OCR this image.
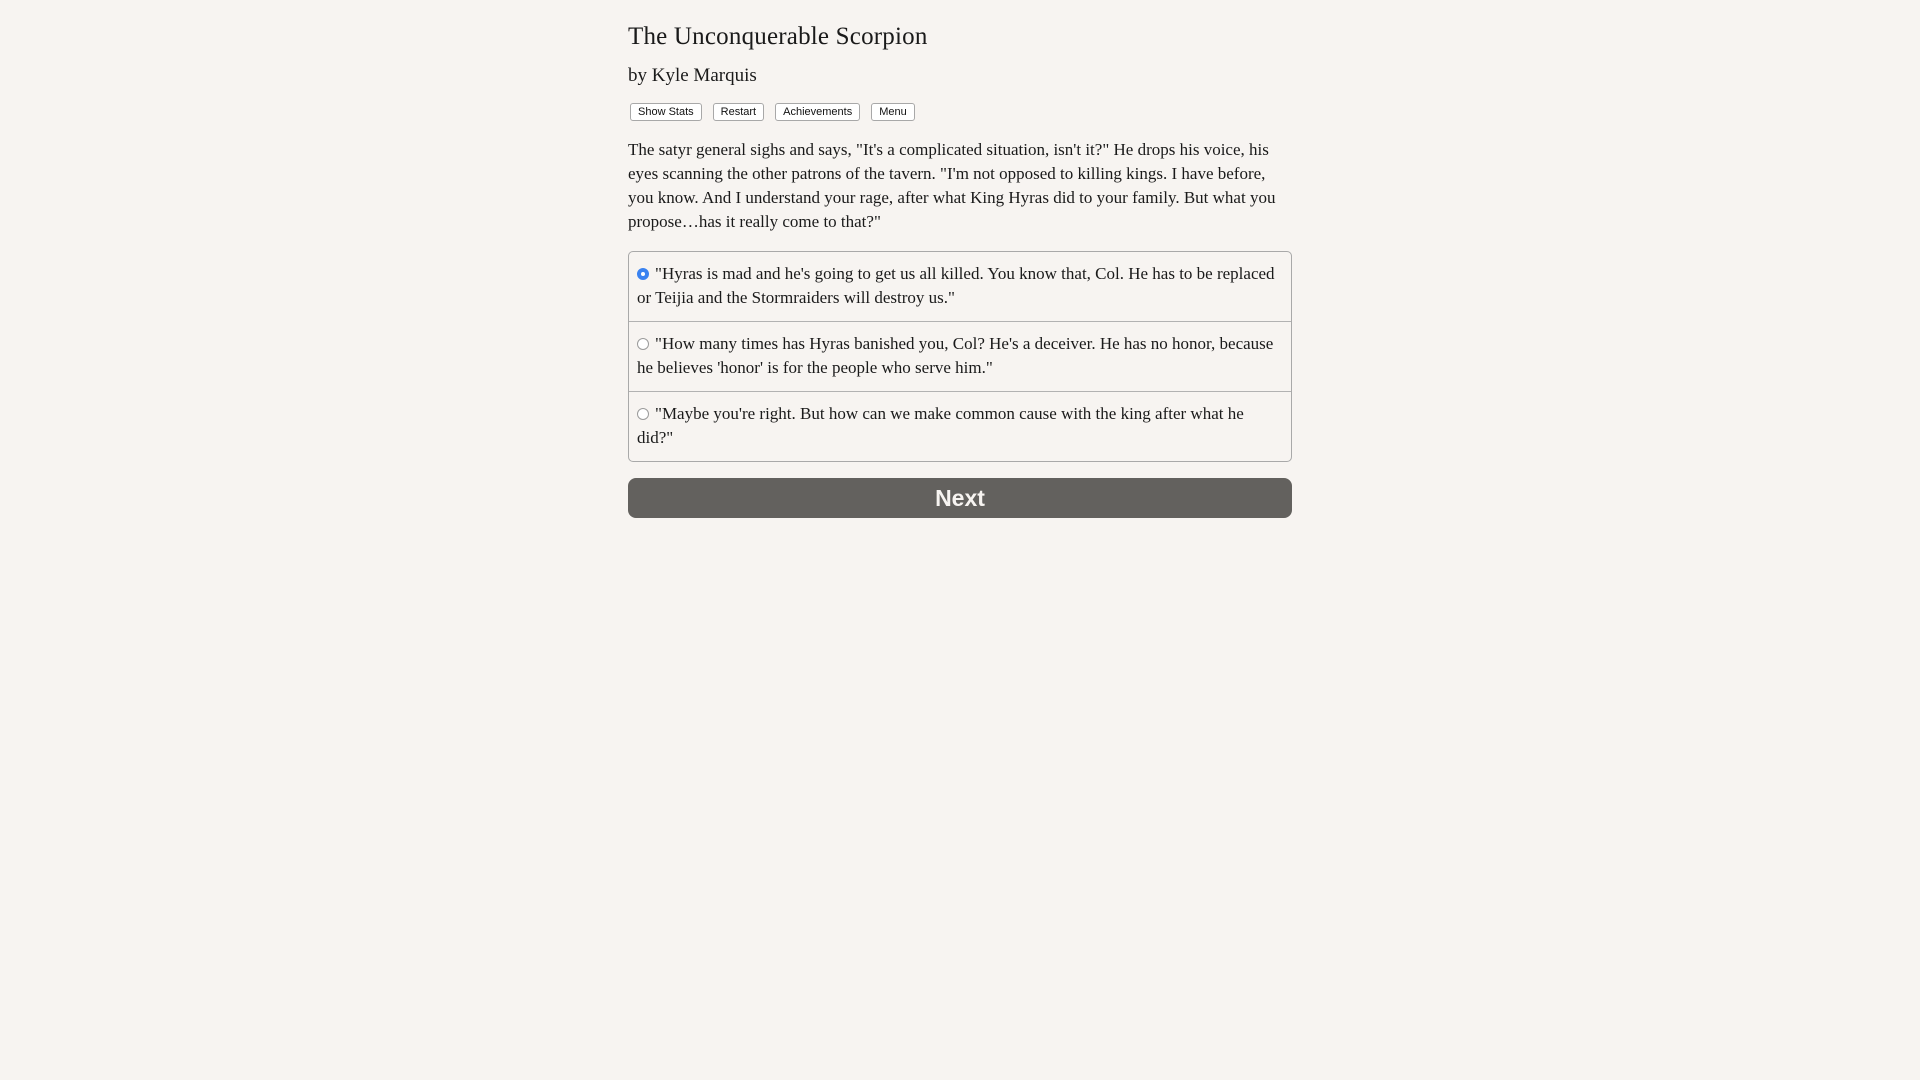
The Unconquerable Scorpion
by Kyle Marquis
Show Stats	Restart	Achievements	Menu
The satyr general sighs and says, "It's a complicated situation, isn't it?" He drops his voice, his eyes scanning the other patrons of the tavern. "I'm not opposed to killing kings. I have before, you know. And I understand your rage, after what King Hyras did to your family. But what you propose…has it really come to that?"
"Hyras is mad and he's going to get us all killed. You know that, Col. He has to be replaced or Teijia and the Stormraiders will destroy us."
"How many times has Hyras banished you, Col? He's a deceiver. He has no honor, because he believes 'honor' is for the people who serve him."
"Maybe you're right. But how can we make common cause with the king after what he did?"
Next
